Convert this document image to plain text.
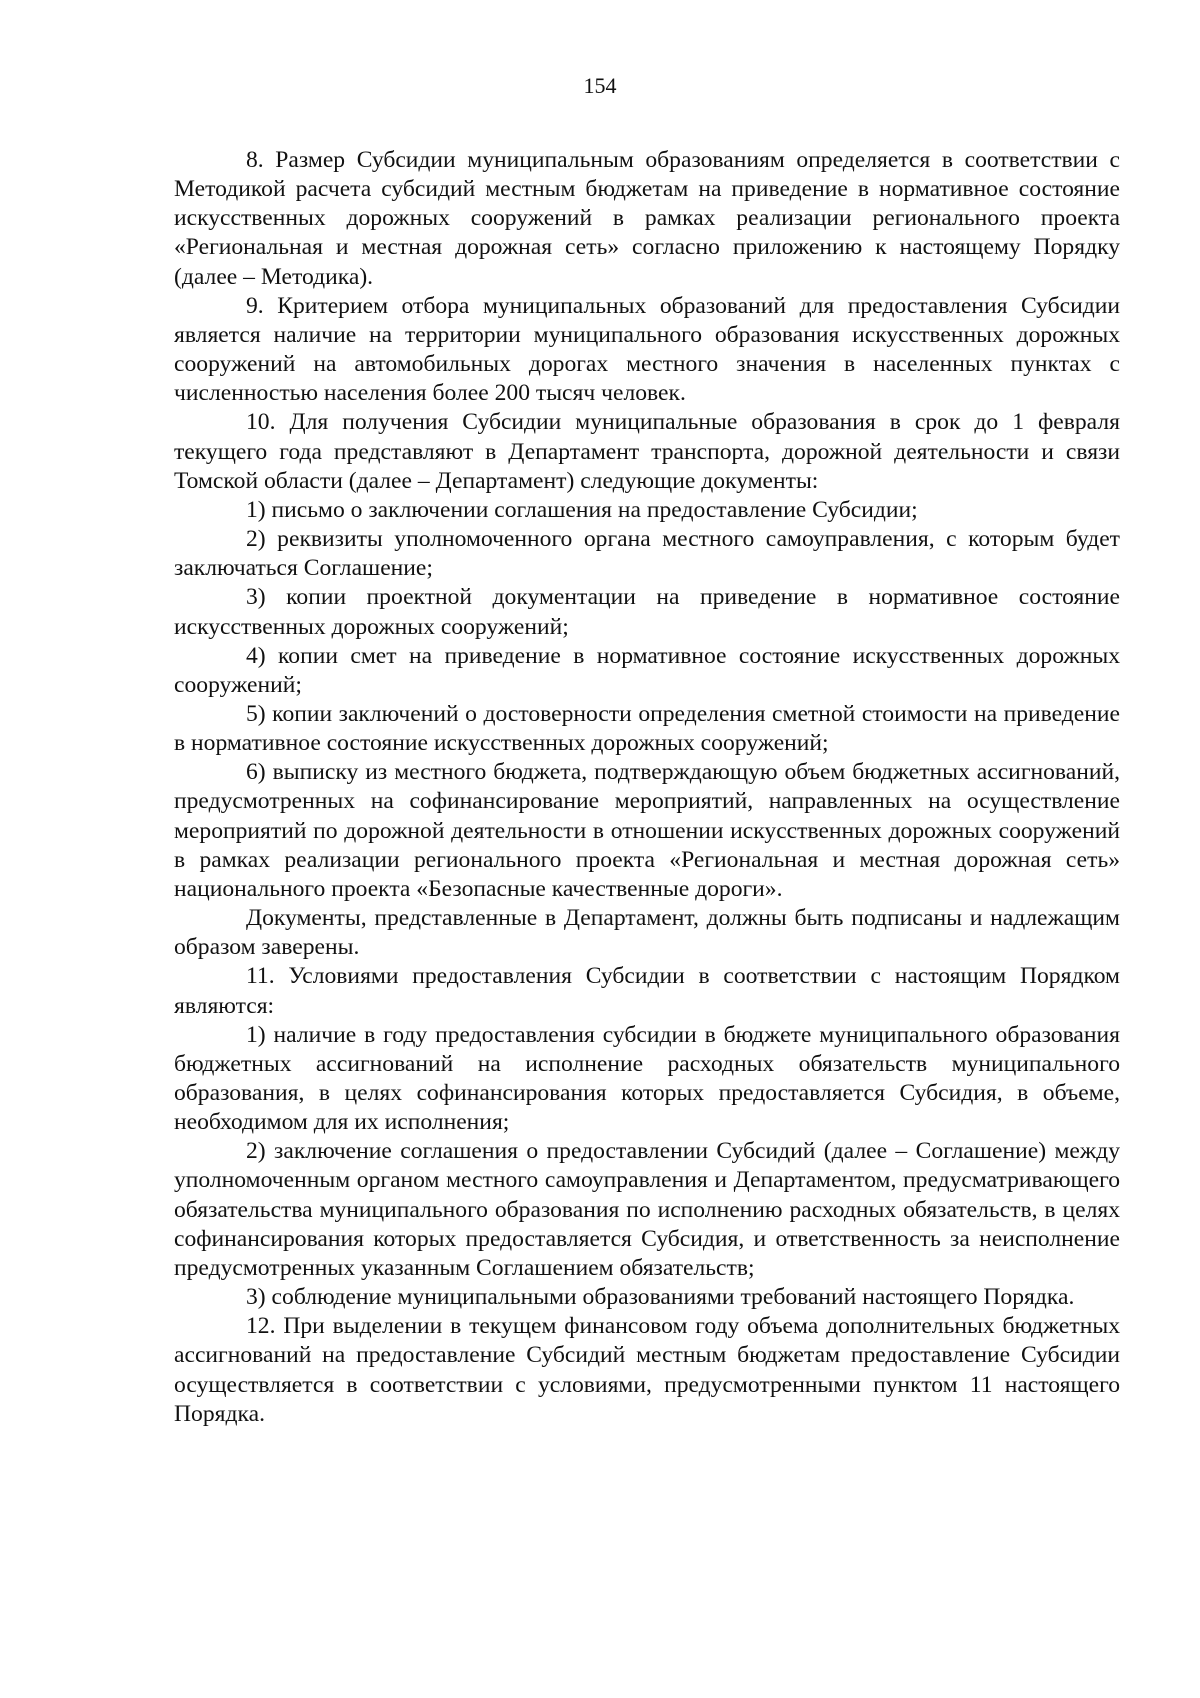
154

8. Размер Субсидии муниципальным образованиям определяется в соответствии с Методикой расчета субсидий местным бюджетам на приведение в нормативное состояние искусственных дорожных сооружений в рамках реализации регионального проекта «Региональная и местная дорожная сеть» согласно приложению к настоящему Порядку (далее – Методика).

9. Критерием отбора муниципальных образований для предоставления Субсидии является наличие на территории муниципального образования искусственных дорожных сооружений на автомобильных дорогах местного значения в населенных пунктах с численностью населения более 200 тысяч человек.

10. Для получения Субсидии муниципальные образования в срок до 1 февраля текущего года представляют в Департамент транспорта, дорожной деятельности и связи Томской области (далее – Департамент) следующие документы:

1) письмо о заключении соглашения на предоставление Субсидии;

2) реквизиты уполномоченного органа местного самоуправления, с которым будет заключаться Соглашение;

3) копии проектной документации на приведение в нормативное состояние искусственных дорожных сооружений;

4) копии смет на приведение в нормативное состояние искусственных дорожных сооружений;

5) копии заключений о достоверности определения сметной стоимости на приведение в нормативное состояние искусственных дорожных сооружений;

6) выписку из местного бюджета, подтверждающую объем бюджетных ассигнований, предусмотренных на софинансирование мероприятий, направленных на осуществление мероприятий по дорожной деятельности в отношении искусственных дорожных сооружений в рамках реализации регионального проекта «Региональная и местная дорожная сеть» национального проекта «Безопасные качественные дороги».

Документы, представленные в Департамент, должны быть подписаны и надлежащим образом заверены.

11. Условиями предоставления Субсидии в соответствии с настоящим Порядком являются:

1) наличие в году предоставления субсидии в бюджете муниципального образования бюджетных ассигнований на исполнение расходных обязательств муниципального образования, в целях софинансирования которых предоставляется Субсидия, в объеме, необходимом для их исполнения;

2) заключение соглашения о предоставлении Субсидий (далее – Соглашение) между уполномоченным органом местного самоуправления и Департаментом, предусматривающего обязательства муниципального образования по исполнению расходных обязательств, в целях софинансирования которых предоставляется Субсидия, и ответственность за неисполнение предусмотренных указанным Соглашением обязательств;

3) соблюдение муниципальными образованиями требований настоящего Порядка.

12. При выделении в текущем финансовом году объема дополнительных бюджетных ассигнований на предоставление Субсидий местным бюджетам предоставление Субсидии осуществляется в соответствии с условиями, предусмотренными пунктом 11 настоящего Порядка.
